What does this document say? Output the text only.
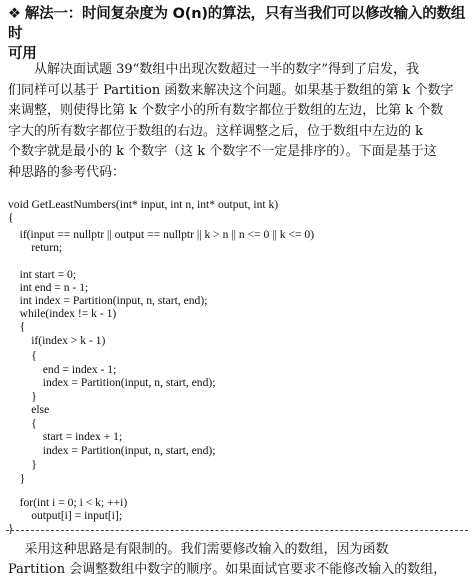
❖ 解法一：时间复杂度为 O(n)的算法，只有当我们可以修改输入的数组时
可用
从解决面试题 39“数组中出现次数超过一半的数字”得到了启发，我
们同样可以基于 Partition 函数来解决这个问题。如果基于数组的第 k 个数字
来调整，则使得比第 k 个数字小的所有数字都位于数组的左边，比第 k 个数
字大的所有数字都位于数组的右边。这样调整之后，位于数组中左边的 k
个数字就是最小的 k 个数字（这 k 个数字不一定是排序的）。下面是基于这
种思路的参考代码：
void GetLeastNumbers(int* input, int n, int* output, int k)
{
if(input == nullptr || output == nullptr || k > n || n <= 0 || k <= 0)
return;
int start = 0;
int end = n - 1;
int index = Partition(input, n, start, end);
while(index != k - 1)
{
if(index > k - 1)
{
end = index - 1;
index = Partition(input, n, start, end);
}
else
{
start = index + 1;
index = Partition(input, n, start, end);
}
}
for(int i = 0; i < k; ++i)
output[i] = input[i];
}
采用这种思路是有限制的。我们需要修改输入的数组，因为函数
Partition 会调整数组中数字的顺序。如果面试官要求不能修改输入的数组，
